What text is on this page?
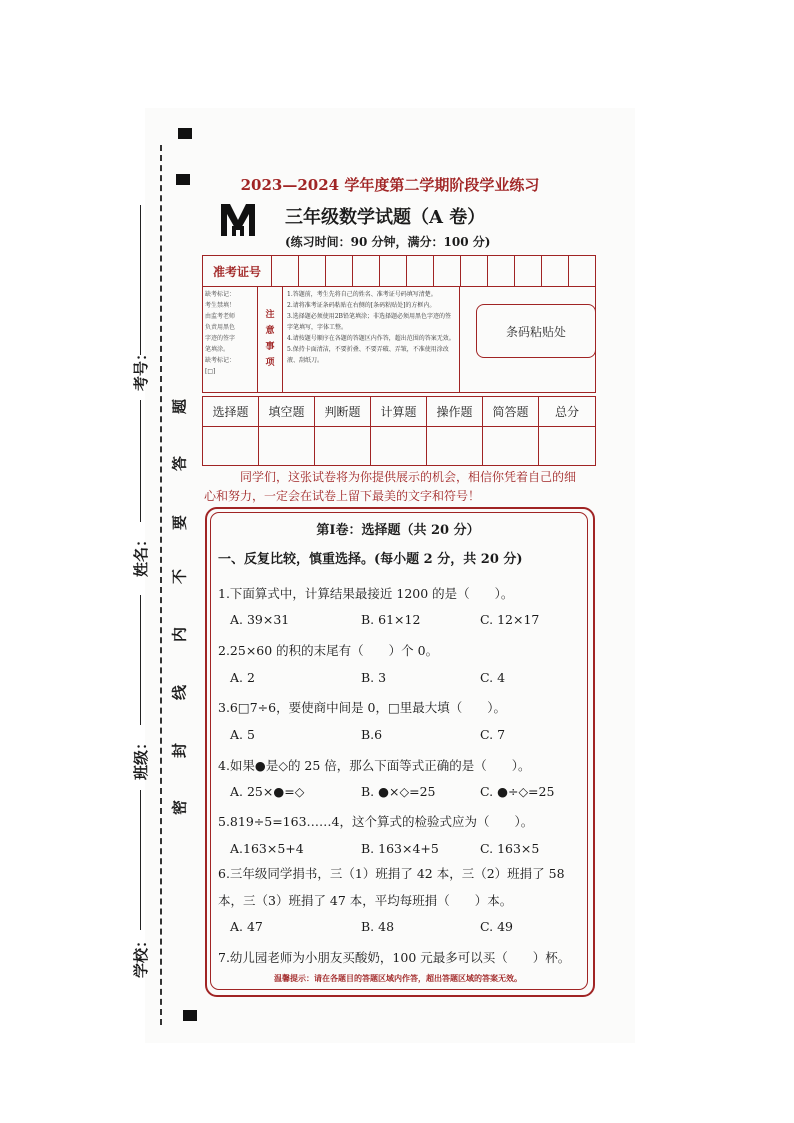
考号：
姓名：
班级：
学校：
题
答
要
不
内
线
封
密
2023—2024 学年度第二学期阶段学业练习
三年级数学试题（A 卷）
(练习时间：90 分钟，满分：100 分)
准考证号
缺考标记：
考生禁填！
由监考老师
负责用黑色
字迹的签字
笔填涂。
缺考标记：
[□]
注
意
事
项
1.答题前，考生先将自己的姓名、准考证号码填写清楚。
2.请将准考证条码粘贴在右侧的[条码粘贴处]的方框内。
3.选择题必须使用2B铅笔填涂；非选择题必须用黑色字迹的签字笔填写，字体工整。
4.请按题号顺序在各题的答题区内作答，超出范围的答案无效。
5.保持卡面清洁，不要折叠、不要弄破、弄皱，不准使用涂改液、刮纸刀。
条码粘贴处
选择题	填空题	判断题	计算题	操作题	简答题	总分
同学们，这张试卷将为你提供展示的机会，相信你凭着自己的细心和努力，一定会在试卷上留下最美的文字和符号！
第I卷：选择题（共 20 分）
一、反复比较，慎重选择。(每小题 2 分，共 20 分)
1.下面算式中，计算结果最接近 1200 的是（　　）。
A. 39×31	B. 61×12	C. 12×17
2.25×60 的积的末尾有（　　）个 0。
A. 2	B. 3	C. 4
3.6□7÷6，要使商中间是 0，□里最大填（　　）。
A. 5	B.6	C. 7
4.如果●是◇的 25 倍，那么下面等式正确的是（　　）。
A. 25×●=◇	B. ●×◇=25	C. ●÷◇=25
5.819÷5=163……4，这个算式的检验式应为（　　）。
A.163×5+4	B. 163×4+5	C. 163×5
6.三年级同学捐书，三（1）班捐了 42 本，三（2）班捐了 58
本，三（3）班捐了 47 本，平均每班捐（　　）本。
A. 47	B. 48	C. 49
7.幼儿园老师为小朋友买酸奶，100 元最多可以买（　　）杯。
温馨提示：请在各题目的答题区域内作答，超出答题区域的答案无效。
